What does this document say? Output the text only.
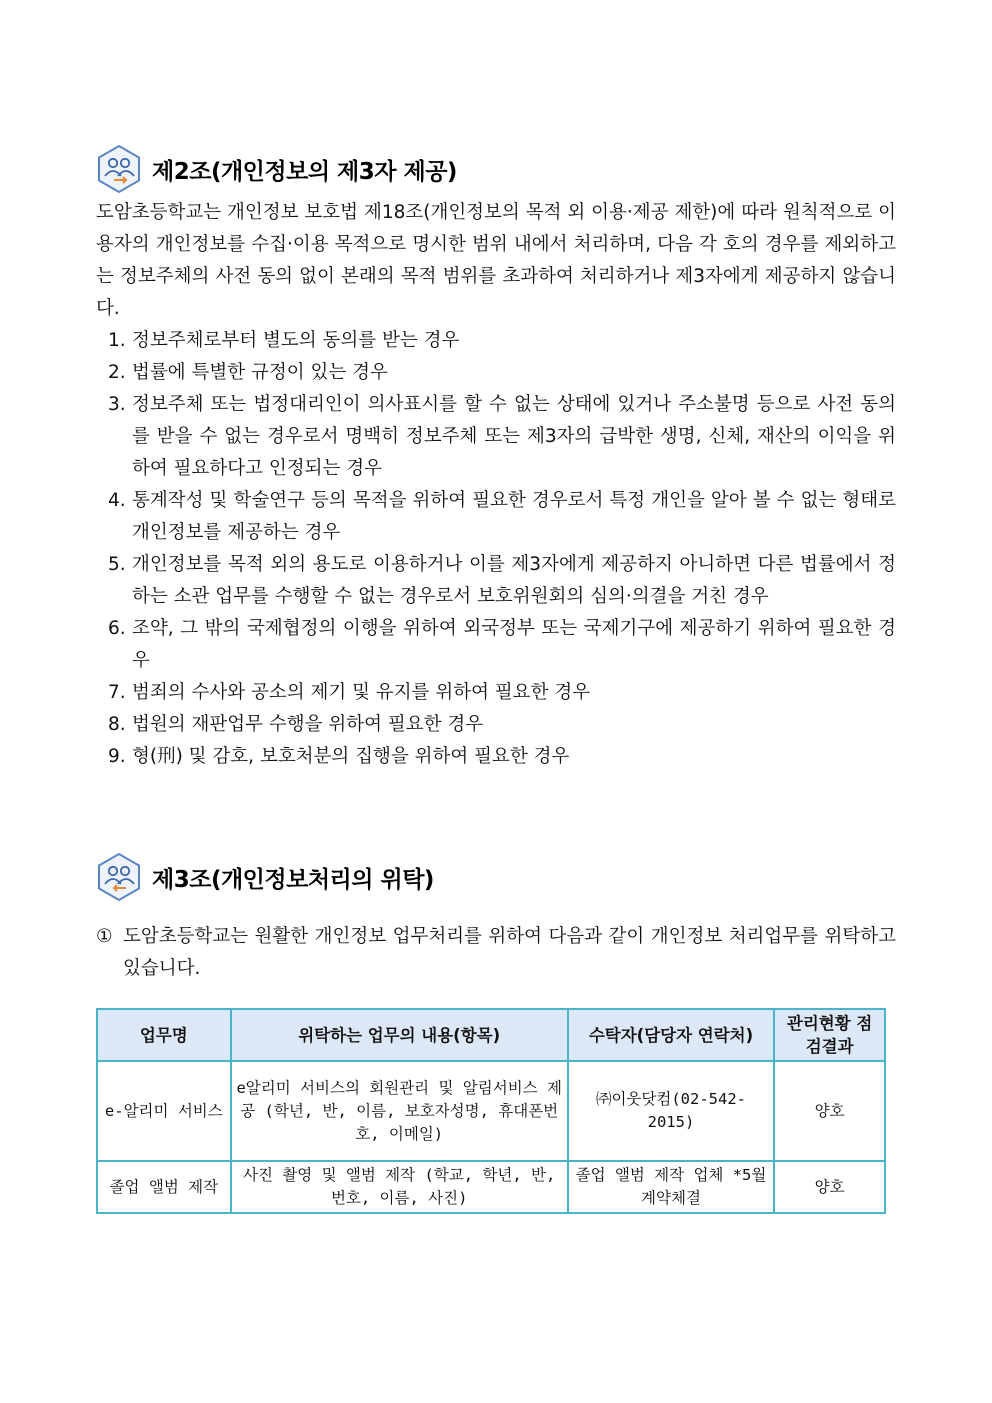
제2조(개인정보의 제3자 제공)
도암초등학교는 개인정보 보호법 제18조(개인정보의 목적 외 이용·제공 제한)에 따라 원칙적으로 이용자의 개인정보를 수집·이용 목적으로 명시한 범위 내에서 처리하며, 다음 각 호의 경우를 제외하고는 정보주체의 사전 동의 없이 본래의 목적 범위를 초과하여 처리하거나 제3자에게 제공하지 않습니다.
1. 정보주체로부터 별도의 동의를 받는 경우
2. 법률에 특별한 규정이 있는 경우
3. 정보주체 또는 법정대리인이 의사표시를 할 수 없는 상태에 있거나 주소불명 등으로 사전 동의를 받을 수 없는 경우로서 명백히 정보주체 또는 제3자의 급박한 생명, 신체, 재산의 이익을 위하여 필요하다고 인정되는 경우
4. 통계작성 및 학술연구 등의 목적을 위하여 필요한 경우로서 특정 개인을 알아 볼 수 없는 형태로 개인정보를 제공하는 경우
5. 개인정보를 목적 외의 용도로 이용하거나 이를 제3자에게 제공하지 아니하면 다른 법률에서 정하는 소관 업무를 수행할 수 없는 경우로서 보호위원회의 심의·의결을 거친 경우
6. 조약, 그 밖의 국제협정의 이행을 위하여 외국정부 또는 국제기구에 제공하기 위하여 필요한 경우
7. 범죄의 수사와 공소의 제기 및 유지를 위하여 필요한 경우
8. 법원의 재판업무 수행을 위하여 필요한 경우
9. 형(刑) 및 감호, 보호처분의 집행을 위하여 필요한 경우
제3조(개인정보처리의 위탁)
① 도암초등학교는 원활한 개인정보 업무처리를 위하여 다음과 같이 개인정보 처리업무를 위탁하고 있습니다.
업무명	위탁하는 업무의 내용(항목)	수탁자(담당자 연락처)	관리현황 점검결과
e-알리미 서비스	e알리미 서비스의 회원관리 및 알림서비스 제공 (학년, 반, 이름, 보호자성명, 휴대폰번호, 이메일)	㈜이웃닷컴(02-542-2015)	양호
졸업 앨범 제작	사진 촬영 및 앨범 제작 (학교, 학년, 반, 번호, 이름, 사진)	졸업 앨범 제작 업체 *5월 계약체결	양호
